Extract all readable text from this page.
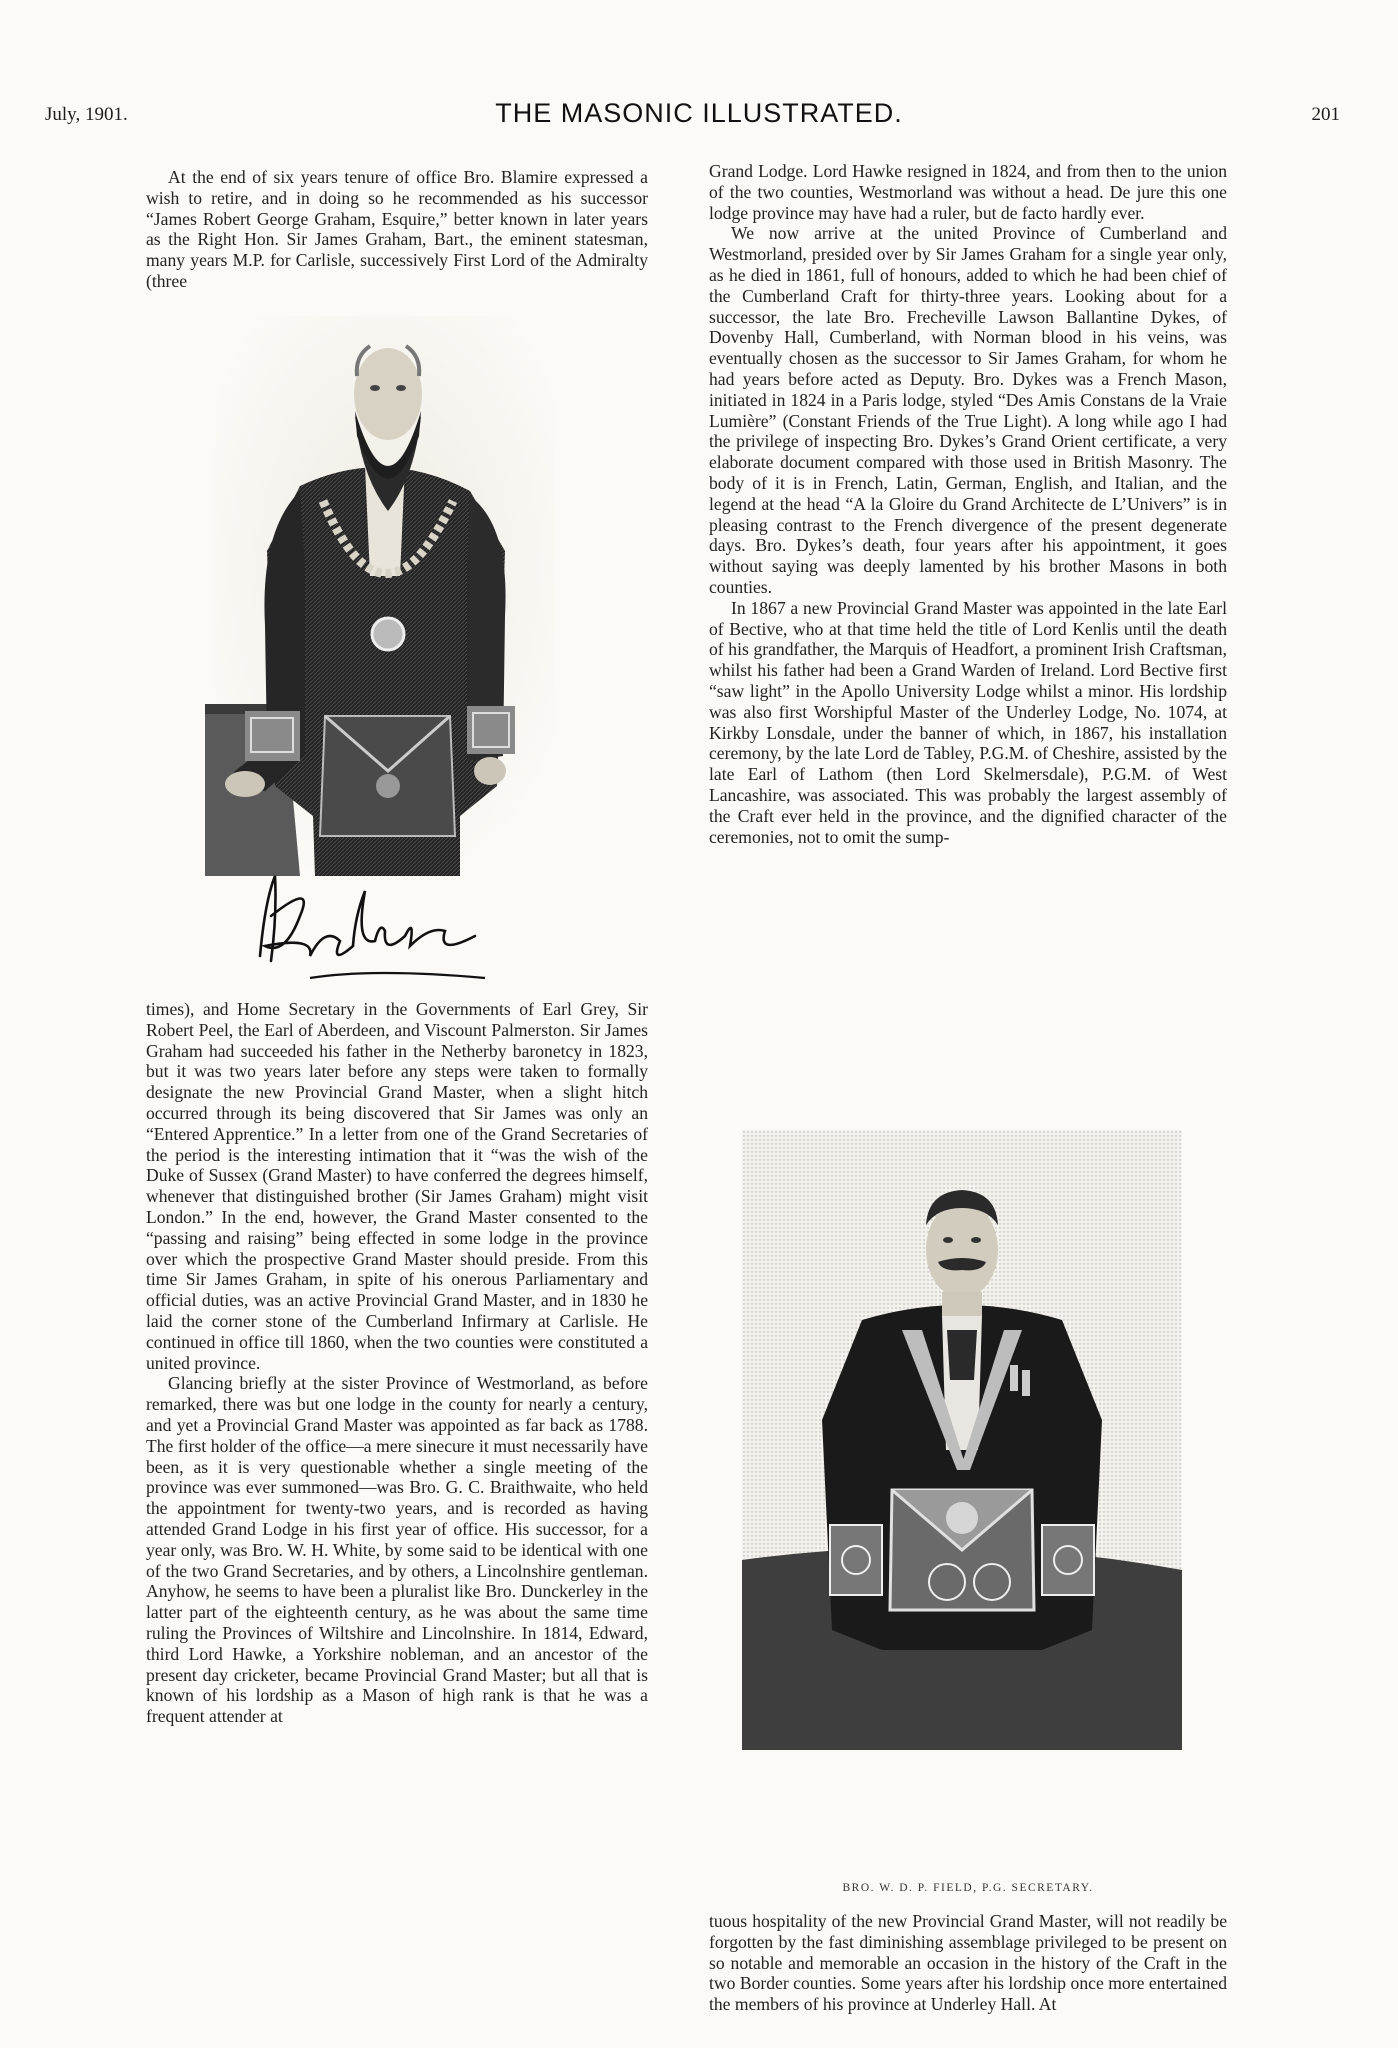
July, 1901.	THE MASONIC ILLUSTRATED.	201

At the end of six years tenure of office Bro. Blamire expressed a wish to retire, and in doing so he recommended as his successor “James Robert George Graham, Esquire,” better known in later years as the Right Hon. Sir James Graham, Bart., the eminent statesman, many years M.P. for Carlisle, successively First Lord of the Admiralty (three

times), and Home Secretary in the Governments of Earl Grey, Sir Robert Peel, the Earl of Aberdeen, and Viscount Palmerston. Sir James Graham had succeeded his father in the Netherby baronetcy in 1823, but it was two years later before any steps were taken to formally designate the new Provincial Grand Master, when a slight hitch occurred through its being discovered that Sir James was only an “Entered Apprentice.” In a letter from one of the Grand Secretaries of the period is the interesting intimation that it “was the wish of the Duke of Sussex (Grand Master) to have conferred the degrees himself, whenever that distinguished brother (Sir James Graham) might visit London.” In the end, however, the Grand Master consented to the “passing and raising” being effected in some lodge in the province over which the prospective Grand Master should preside. From this time Sir James Graham, in spite of his onerous Parliamentary and official duties, was an active Provincial Grand Master, and in 1830 he laid the corner stone of the Cumberland Infirmary at Carlisle. He continued in office till 1860, when the two counties were constituted a united province.

Glancing briefly at the sister Province of Westmorland, as before remarked, there was but one lodge in the county for nearly a century, and yet a Provincial Grand Master was appointed as far back as 1788. The first holder of the office—a mere sinecure it must necessarily have been, as it is very questionable whether a single meeting of the province was ever summoned—was Bro. G. C. Braithwaite, who held the appointment for twenty-two years, and is recorded as having attended Grand Lodge in his first year of office. His successor, for a year only, was Bro. W. H. White, by some said to be identical with one of the two Grand Secretaries, and by others, a Lincolnshire gentleman. Anyhow, he seems to have been a pluralist like Bro. Dunckerley in the latter part of the eighteenth century, as he was about the same time ruling the Provinces of Wiltshire and Lincolnshire. In 1814, Edward, third Lord Hawke, a Yorkshire nobleman, and an ancestor of the present day cricketer, became Provincial Grand Master; but all that is known of his lordship as a Mason of high rank is that he was a frequent attender at

Grand Lodge. Lord Hawke resigned in 1824, and from then to the union of the two counties, Westmorland was without a head. De jure this one lodge province may have had a ruler, but de facto hardly ever.

We now arrive at the united Province of Cumberland and Westmorland, presided over by Sir James Graham for a single year only, as he died in 1861, full of honours, added to which he had been chief of the Cumberland Craft for thirty-three years. Looking about for a successor, the late Bro. Frecheville Lawson Ballantine Dykes, of Dovenby Hall, Cumberland, with Norman blood in his veins, was eventually chosen as the successor to Sir James Graham, for whom he had years before acted as Deputy. Bro. Dykes was a French Mason, initiated in 1824 in a Paris lodge, styled “Des Amis Constans de la Vraie Lumière” (Constant Friends of the True Light). A long while ago I had the privilege of inspecting Bro. Dykes’s Grand Orient certificate, a very elaborate document compared with those used in British Masonry. The body of it is in French, Latin, German, English, and Italian, and the legend at the head “A la Gloire du Grand Architecte de L’Univers” is in pleasing contrast to the French divergence of the present degenerate days. Bro. Dykes’s death, four years after his appointment, it goes without saying was deeply lamented by his brother Masons in both counties.

In 1867 a new Provincial Grand Master was appointed in the late Earl of Bective, who at that time held the title of Lord Kenlis until the death of his grandfather, the Marquis of Headfort, a prominent Irish Craftsman, whilst his father had been a Grand Warden of Ireland. Lord Bective first “saw light” in the Apollo University Lodge whilst a minor. His lordship was also first Worshipful Master of the Underley Lodge, No. 1074, at Kirkby Lonsdale, under the banner of which, in 1867, his installation ceremony, by the late Lord de Tabley, P.G.M. of Cheshire, assisted by the late Earl of Lathom (then Lord Skelmersdale), P.G.M. of West Lancashire, was associated. This was probably the largest assembly of the Craft ever held in the province, and the dignified character of the ceremonies, not to omit the sump-

BRO. W. D. P. FIELD, P.G. SECRETARY.

tuous hospitality of the new Provincial Grand Master, will not readily be forgotten by the fast diminishing assemblage privileged to be present on so notable and memorable an occasion in the history of the Craft in the two Border counties. Some years after his lordship once more entertained the members of his province at Underley Hall. At
